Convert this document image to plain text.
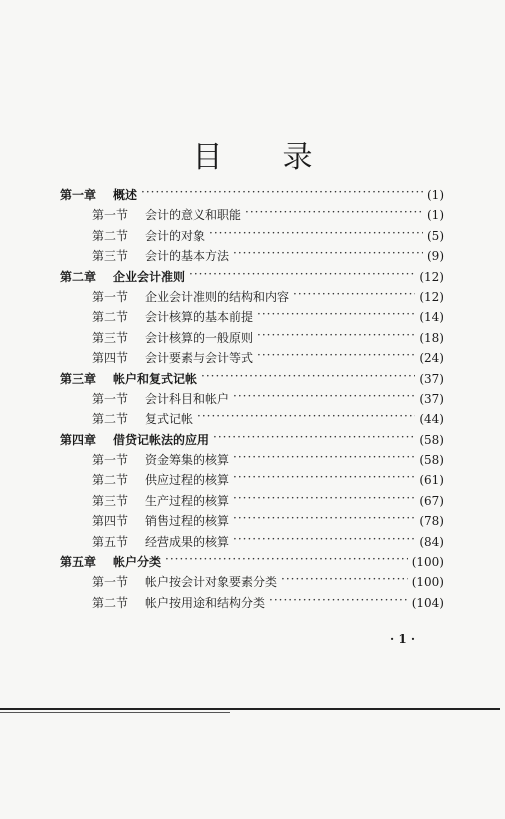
目 录
第一章	概述 ·····	(1)
第一节	会计的意义和职能 ·····	(1)
第二节	会计的对象 ·····	(5)
第三节	会计的基本方法 ·····	(9)
第二章	企业会计准则 ·····	(12)
第一节	企业会计准则的结构和内容 ·····	(12)
第二节	会计核算的基本前提 ·····	(14)
第三节	会计核算的一般原则 ·····	(18)
第四节	会计要素与会计等式 ·····	(24)
第三章	帐户和复式记帐 ·····	(37)
第一节	会计科目和帐户 ·····	(37)
第二节	复式记帐 ·····	(44)
第四章	借贷记帐法的应用 ·····	(58)
第一节	资金筹集的核算 ·····	(58)
第二节	供应过程的核算 ·····	(61)
第三节	生产过程的核算 ·····	(67)
第四节	销售过程的核算 ·····	(78)
第五节	经营成果的核算 ·····	(84)
第五章	帐户分类 ·····	(100)
第一节	帐户按会计对象要素分类 ·····	(100)
第二节	帐户按用途和结构分类 ·····	(104)
· 1 ·
